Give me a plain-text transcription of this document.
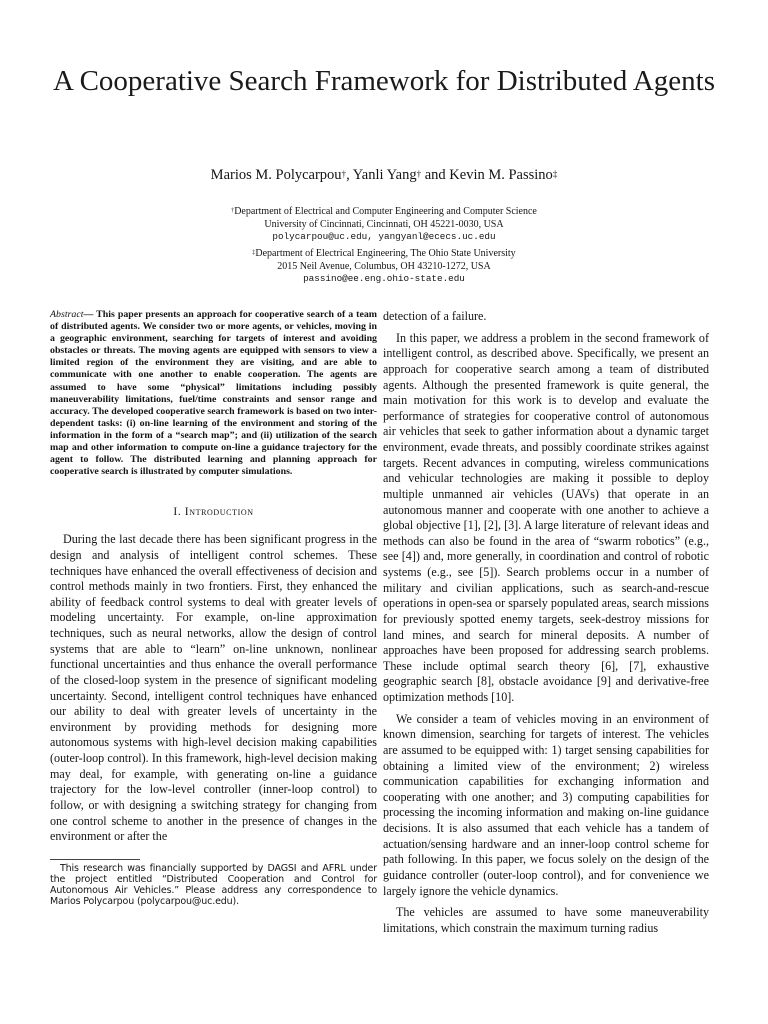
A Cooperative Search Framework for Distributed Agents
Marios M. Polycarpou†, Yanli Yang† and Kevin M. Passino‡
†Department of Electrical and Computer Engineering and Computer Science
University of Cincinnati, Cincinnati, OH 45221-0030, USA
polycarpou@uc.edu, yangyanl@ececs.uc.edu
‡Department of Electrical Engineering, The Ohio State University
2015 Neil Avenue, Columbus, OH 43210-1272, USA
passino@ee.eng.ohio-state.edu

Abstract— This paper presents an approach for cooperative search of a team of distributed agents. We consider two or more agents, or vehicles, moving in a geographic environment, searching for targets of interest and avoiding obstacles or threats. The moving agents are equipped with sensors to view a limited region of the environment they are visiting, and are able to communicate with one another to enable cooperation. The agents are assumed to have some “physical” limitations including possibly maneuverability limitations, fuel/time constraints and sensor range and accuracy. The developed cooperative search framework is based on two inter-dependent tasks: (i) on-line learning of the environment and storing of the information in the form of a “search map”; and (ii) utilization of the search map and other information to compute on-line a guidance trajectory for the agent to follow. The distributed learning and planning approach for cooperative search is illustrated by computer simulations.

I. Introduction

During the last decade there has been significant progress in the design and analysis of intelligent control schemes. These techniques have enhanced the overall effectiveness of decision and control methods mainly in two frontiers. First, they enhanced the ability of feedback control systems to deal with greater levels of modeling uncertainty. For example, on-line approximation techniques, such as neural networks, allow the design of control systems that are able to “learn” on-line unknown, nonlinear functional uncertainties and thus enhance the overall performance of the closed-loop system in the presence of significant modeling uncertainty. Second, intelligent control techniques have enhanced our ability to deal with greater levels of uncertainty in the environment by providing methods for designing more autonomous systems with high-level decision making capabilities (outer-loop control). In this framework, high-level decision making may deal, for example, with generating on-line a guidance trajectory for the low-level controller (inner-loop control) to follow, or with designing a switching strategy for changing from one control scheme to another in the presence of changes in the environment or after the

This research was financially supported by DAGSI and AFRL under the project entitled “Distributed Cooperation and Control for Autonomous Air Vehicles.” Please address any correspondence to Marios Polycarpou (polycarpou@uc.edu).

detection of a failure.

In this paper, we address a problem in the second framework of intelligent control, as described above. Specifically, we present an approach for cooperative search among a team of distributed agents. Although the presented framework is quite general, the main motivation for this work is to develop and evaluate the performance of strategies for cooperative control of autonomous air vehicles that seek to gather information about a dynamic target environment, evade threats, and possibly coordinate strikes against targets. Recent advances in computing, wireless communications and vehicular technologies are making it possible to deploy multiple unmanned air vehicles (UAVs) that operate in an autonomous manner and cooperate with one another to achieve a global objective [1], [2], [3]. A large literature of relevant ideas and methods can also be found in the area of “swarm robotics” (e.g., see [4]) and, more generally, in coordination and control of robotic systems (e.g., see [5]). Search problems occur in a number of military and civilian applications, such as search-and-rescue operations in open-sea or sparsely populated areas, search missions for previously spotted enemy targets, seek-destroy missions for land mines, and search for mineral deposits. A number of approaches have been proposed for addressing search problems. These include optimal search theory [6], [7], exhaustive geographic search [8], obstacle avoidance [9] and derivative-free optimization methods [10].

We consider a team of vehicles moving in an environment of known dimension, searching for targets of interest. The vehicles are assumed to be equipped with: 1) target sensing capabilities for obtaining a limited view of the environment; 2) wireless communication capabilities for exchanging information and cooperating with one another; and 3) computing capabilities for processing the incoming information and making on-line guidance decisions. It is also assumed that each vehicle has a tandem of actuation/sensing hardware and an inner-loop control scheme for path following. In this paper, we focus solely on the design of the guidance controller (outer-loop control), and for convenience we largely ignore the vehicle dynamics.

The vehicles are assumed to have some maneuverability limitations, which constrain the maximum turning radius
